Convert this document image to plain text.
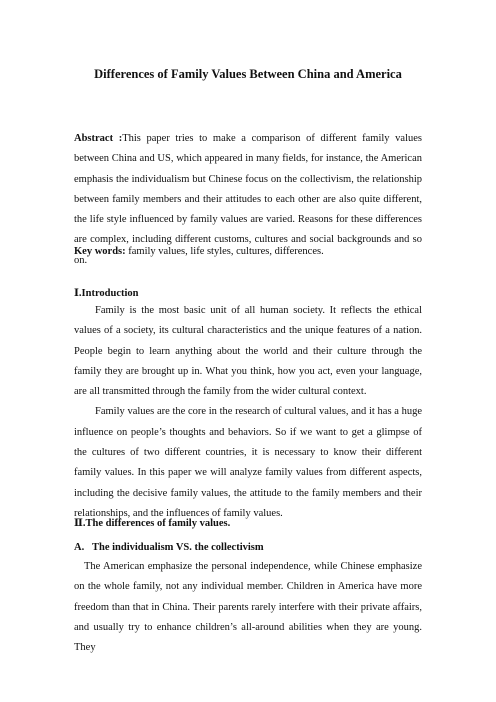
Differences of Family Values Between China and America

Abstract :This paper tries to make a comparison of different family values between China and US, which appeared in many fields, for instance, the American emphasis the individualism but Chinese focus on the collectivism, the relationship between family members and their attitudes to each other are also quite different, the life style influenced by family values are varied. Reasons for these differences are complex, including different customs, cultures and social backgrounds and so on.

Key words: family values, life styles, cultures, differences.

Ⅰ.Introduction

Family is the most basic unit of all human society. It reflects the ethical values of a society, its cultural characteristics and the unique features of a nation. People begin to learn anything about the world and their culture through the family they are brought up in. What you think, how you act, even your language, are all transmitted through the family from the wider cultural context.

Family values are the core in the research of cultural values, and it has a huge influence on people’s thoughts and behaviors. So if we want to get a glimpse of the cultures of two different countries, it is necessary to know their different family values. In this paper we will analyze family values from different aspects, including the decisive family values, the attitude to the family members and their relationships, and the influences of family values.

Ⅱ.The differences of family values.
A. The individualism VS. the collectivism

The American emphasize the personal independence, while Chinese emphasize on the whole family, not any individual member. Children in America have more freedom than that in China. Their parents rarely interfere with their private affairs, and usually try to enhance children’s all-around abilities when they are young. They
